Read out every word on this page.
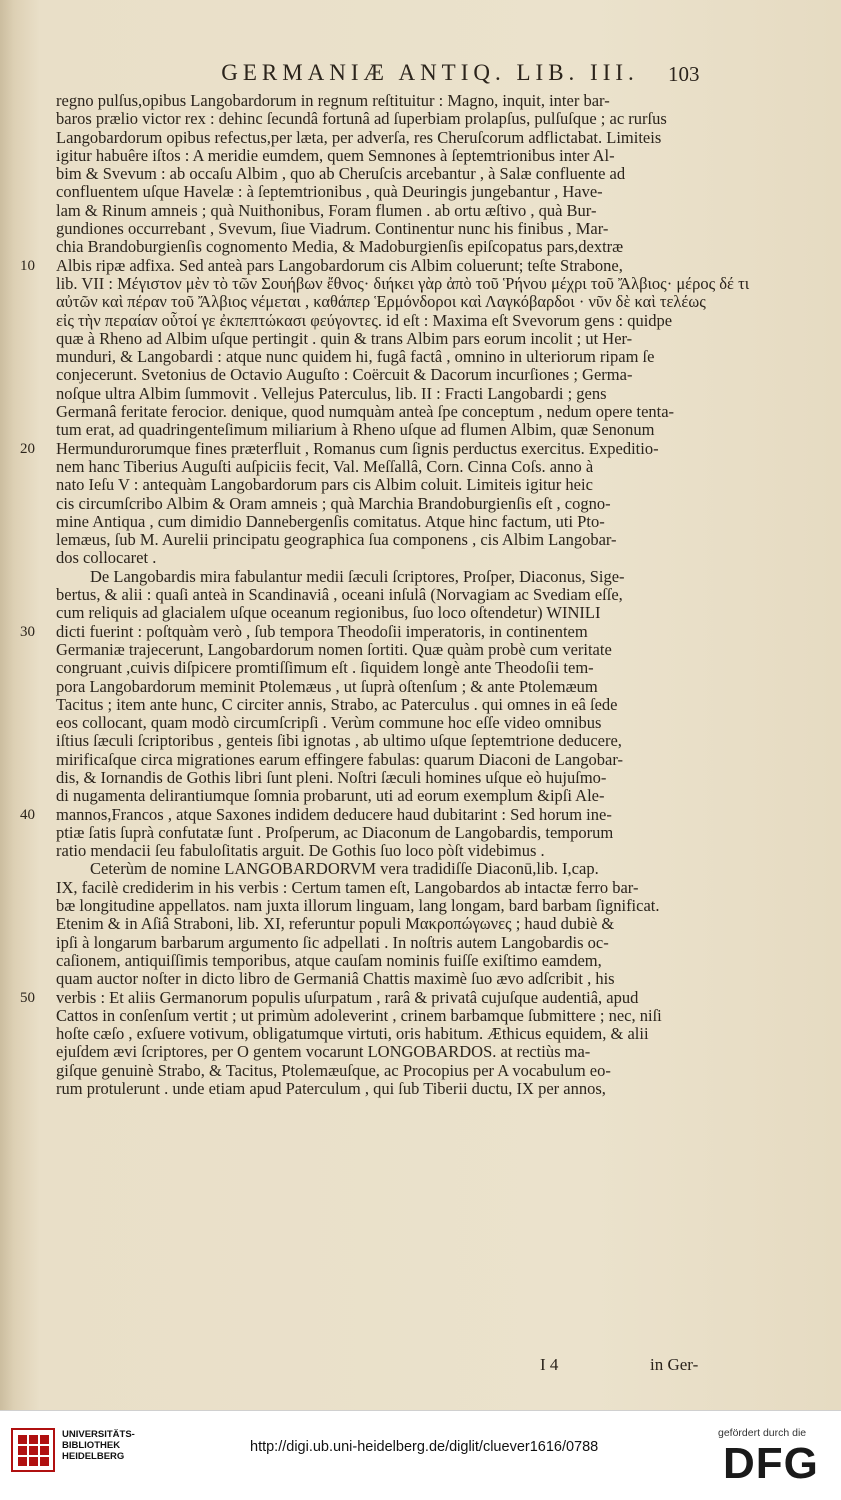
GERMANIÆ ANTIQ. LIB. III.	103
regno pulſus,opibus Langobardorum in regnum reſtituitur : Magno, inquit, inter bar-
baros prælio victor rex : dehinc ſecundâ fortunâ ad ſuperbiam prolapſus, pulſuſque ; ac rurſus
Langobardorum opibus refectus,per læta, per adverſa, res Cheruſcorum adflictabat. Limiteis
igitur habuêre iſtos : A meridie eumdem, quem Semnones à ſeptemtrionibus inter Al-
bim & Svevum : ab occaſu Albim , quo ab Cheruſcis arcebantur , à Salæ confluente ad
confluentem uſque Havelæ : à ſeptemtrionibus , quà Deuringis jungebantur , Have-
lam & Rinum amneis ; quà Nuithonibus, Foram flumen . ab ortu æſtivo , quà Bur-
gundiones occurrebant , Svevum, ſiue Viadrum. Continentur nunc his finibus , Mar-
chia Brandoburgienſis cognomento Media, & Madoburgienſis epiſcopatus pars,dextræ
10 Albis ripæ adfixa. Sed anteà pars Langobardorum cis Albim coluerunt; teſte Strabone,
lib. VII : Μέγιστον μὲν τὸ τῶν Σουήβων ἔθνος· διήκει γὰρ ἀπὸ τοῦ Ῥήνου μέχρι τοῦ Ἄλβιος· μέρος δέ τι
αὐτῶν καὶ πέραν τοῦ Ἄλβιος νέμεται , καθάπερ Ἑρμόνδοροι καὶ Λαγκόβαρδοι · νῦν δὲ καὶ τελέως
εἰς τὴν περαίαν οὗτοί γε ἐκπεπτώκασι φεύγοντες. id eſt : Maxima eſt Svevorum gens : quidpe
quæ à Rheno ad Albim uſque pertingit . quin & trans Albim pars eorum incolit ; ut Her-
munduri, & Langobardi : atque nunc quidem hi, fugâ factâ , omnino in ulteriorum ripam ſe
conjecerunt. Svetonius de Octavio Auguſto : Coërcuit & Dacorum incurſiones ; Germa-
noſque ultra Albim ſummovit . Vellejus Paterculus, lib. II : Fracti Langobardi ; gens
Germanâ feritate ferocior. denique, quod numquàm anteà ſpe conceptum , nedum opere tenta-
tum erat, ad quadringenteſimum miliarium à Rheno uſque ad flumen Albim, quæ Senonum
20 Hermundurorumque fines præterfluit , Romanus cum ſignis perductus exercitus. Expeditio-
nem hanc Tiberius Auguſti auſpiciis fecit, Val. Meſſallâ, Corn. Cinna Coſs. anno à
nato Ieſu V : antequàm Langobardorum pars cis Albim coluit. Limiteis igitur heic
cis circumſcribo Albim & Oram amneis ; quà Marchia Brandoburgienſis eſt , cogno-
mine Antiqua , cum dimidio Dannebergenſis comitatus. Atque hinc factum, uti Pto-
lemæus, ſub M. Aurelii principatu geographica ſua componens , cis Albim Langobar-
dos collocaret .
De Langobardis mira fabulantur medii ſæculi ſcriptores, Proſper, Diaconus, Sige-
bertus, & alii : quaſi anteà in Scandinaviâ , oceani inſulâ (Norvagiam ac Svediam eſſe,
cum reliquis ad glacialem uſque oceanum regionibus, ſuo loco oſtendetur) WINILI
30 dicti fuerint : poſtquàm verò , ſub tempora Theodoſii imperatoris, in continentem
Germaniæ trajecerunt, Langobardorum nomen ſortiti. Quæ quàm probè cum veritate
congruant ,cuivis diſpicere promtiſſimum eſt . ſiquidem longè ante Theodoſii tem-
pora Langobardorum meminit Ptolemæus , ut ſuprà oſtenſum ; & ante Ptolemæum
Tacitus ; item ante hunc, C circiter annis, Strabo, ac Paterculus . qui omnes in eâ ſede
eos collocant, quam modò circumſcripſi . Verùm commune hoc eſſe video omnibus
iſtius ſæculi ſcriptoribus , genteis ſibi ignotas , ab ultimo uſque ſeptemtrione deducere,
mirificaſque circa migrationes earum effingere fabulas: quarum Diaconi de Langobar-
dis, & Iornandis de Gothis libri ſunt pleni. Noſtri ſæculi homines uſque eò hujuſmo-
di nugamenta delirantiumque ſomnia probarunt, uti ad eorum exemplum &ipſi Ale-
40 mannos,Francos , atque Saxones indidem deducere haud dubitarint : Sed horum ine-
ptiæ ſatis ſuprà confutatæ ſunt . Proſperum, ac Diaconum de Langobardis, temporum
ratio mendacii ſeu fabuloſitatis arguit. De Gothis ſuo loco pòſt videbimus .
Ceterùm de nomine LANGOBARDORVM vera tradidiſſe Diaconū,lib. I,cap.
IX, facilè crediderim in his verbis : Certum tamen eſt, Langobardos ab intactæ ferro bar-
bæ longitudine appellatos. nam juxta illorum linguam, lang longam, bard barbam ſignificat.
Etenim & in Aſiâ Straboni, lib. XI, referuntur populi Μακροπώγωνες ; haud dubiè &
ipſi à longarum barbarum argumento ſic adpellati . In noſtris autem Langobardis oc-
caſionem, antiquiſſimis temporibus, atque cauſam nominis fuiſſe exiſtimo eamdem,
quam auctor noſter in dicto libro de Germaniâ Chattis maximè ſuo ævo adſcribit , his
50 verbis : Et aliis Germanorum populis uſurpatum , rarâ & privatâ cujuſque audentiâ, apud
Cattos in conſenſum vertit ; ut primùm adoleverint , crinem barbamque ſubmittere ; nec, niſi
hoſte cæſo , exſuere votivum, obligatumque virtuti, oris habitum. Æthicus equidem, & alii
ejuſdem ævi ſcriptores, per O gentem vocarunt LONGOBARDOS. at rectiùs ma-
giſque genuinè Strabo, & Tacitus, Ptolemæuſque, ac Procopius per A vocabulum eo-
rum protulerunt . unde etiam apud Paterculum , qui ſub Tiberii ductu, IX per annos,
I 4	in Ger-
UNIVERSITÄTS-
BIBLIOTHEK
HEIDELBERG
http://digi.ub.uni-heidelberg.de/diglit/cluever1616/0788
gefördert durch die
DFG
